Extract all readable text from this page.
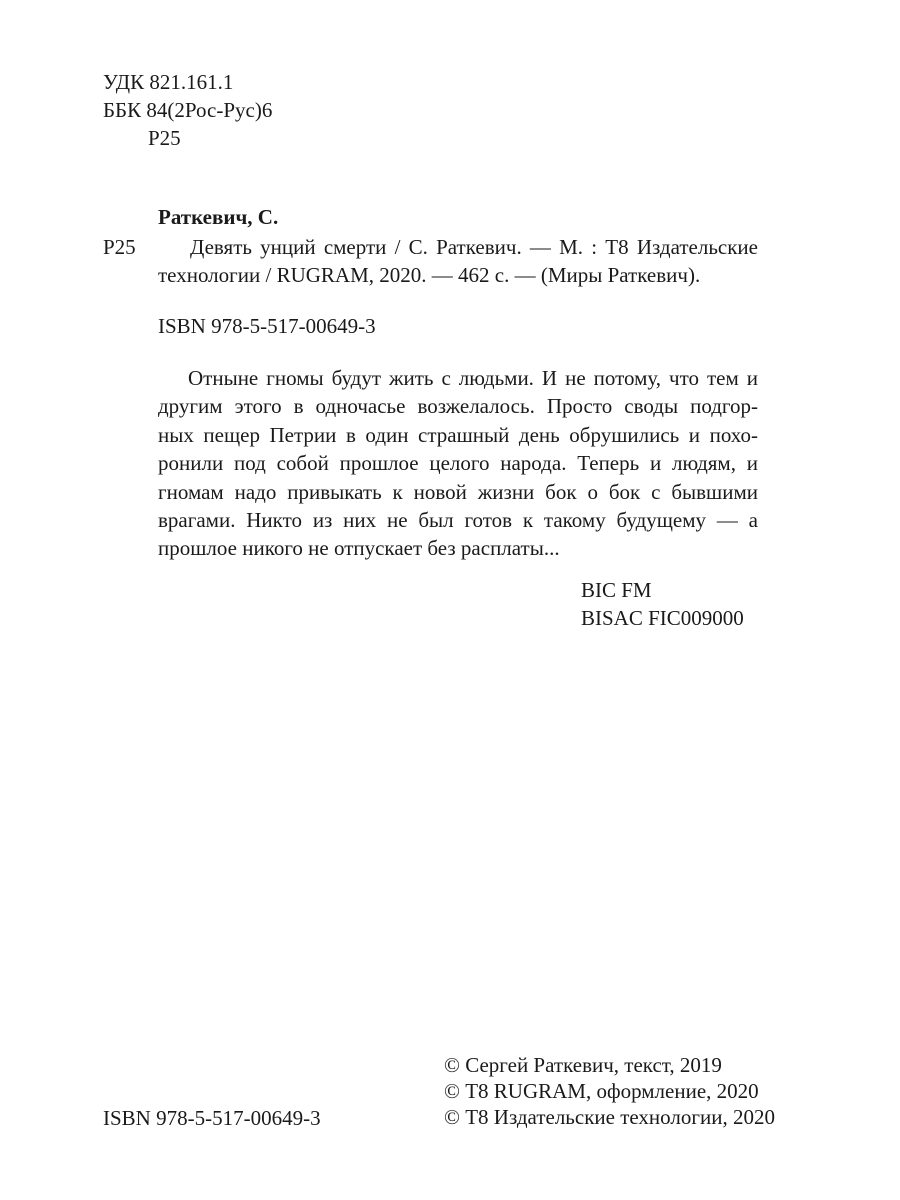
УДК 821.161.1
ББК 84(2Рос-Рус)6
Р25
Раткевич, С.
Р25	Девять унций смерти / С. Раткевич. — М. : Т8 Издательские
технологии / RUGRAM, 2020. — 462 с. — (Миры Раткевич).
ISBN 978-5-517-00649-3
Отныне гномы будут жить с людьми. И не потому, что тем и
другим этого в одночасье возжелалось. Просто своды подгор-
ных пещер Петрии в один страшный день обрушились и похо-
ронили под собой прошлое целого народа. Теперь и людям, и
гномам надо привыкать к новой жизни бок о бок с бывшими
врагами. Никто из них не был готов к такому будущему — а
прошлое никого не отпускает без расплаты...
BIC FM
BISAC FIC009000
© Сергей Раткевич, текст, 2019
© Т8 RUGRAM, оформление, 2020
© Т8 Издательские технологии, 2020
ISBN 978-5-517-00649-3
